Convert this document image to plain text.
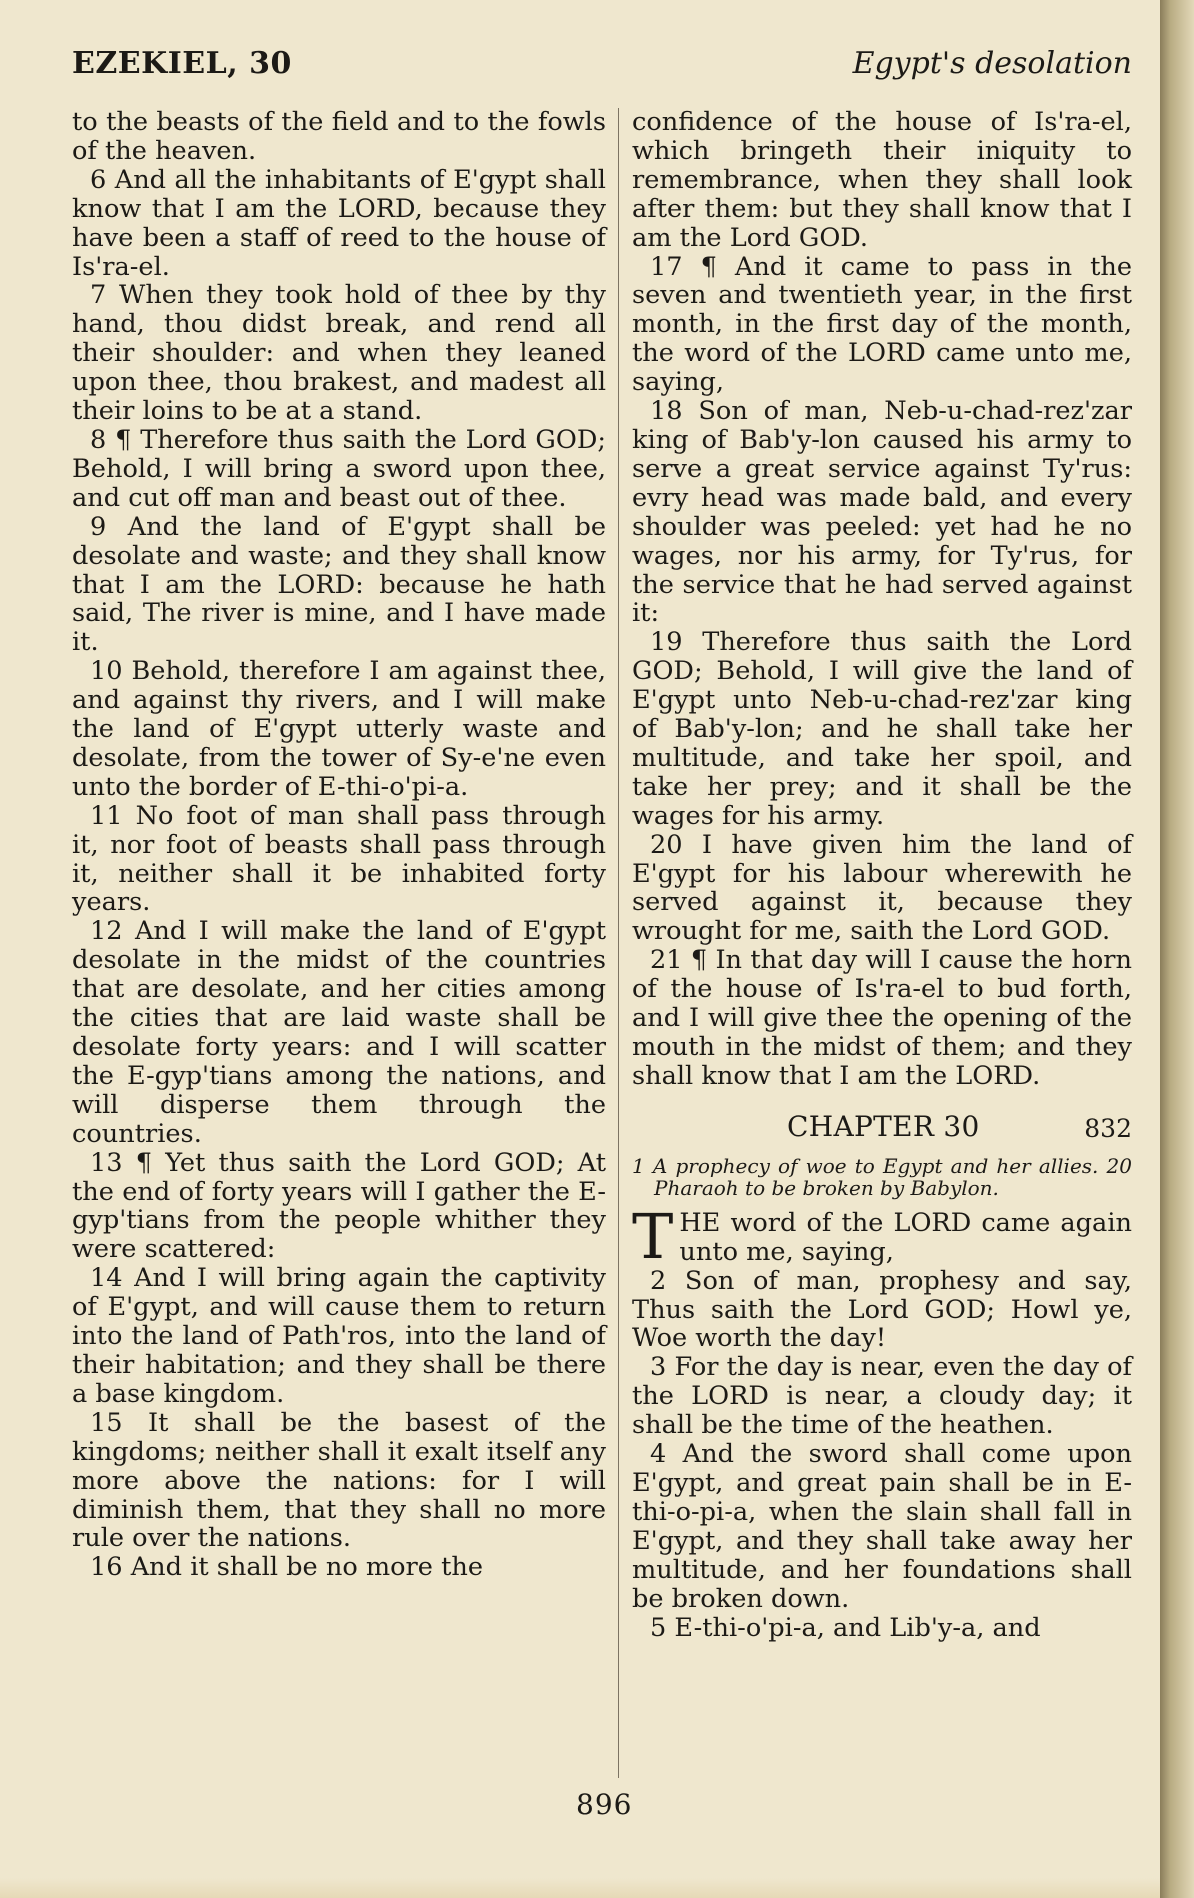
EZEKIEL, 30	Egypt's desolation

to the beasts of the field and to the fowls of the heaven.

6 And all the inhabitants of E'gypt shall know that I am the LORD, because they have been a staff of reed to the house of Is'ra-el.

7 When they took hold of thee by thy hand, thou didst break, and rend all their shoulder: and when they leaned upon thee, thou brakest, and madest all their loins to be at a stand.

8 ¶ Therefore thus saith the Lord GOD; Behold, I will bring a sword upon thee, and cut off man and beast out of thee.

9 And the land of E'gypt shall be desolate and waste; and they shall know that I am the LORD: because he hath said, The river is mine, and I have made it.

10 Behold, therefore I am against thee, and against thy rivers, and I will make the land of E'gypt utterly waste and desolate, from the tower of Sy-e'ne even unto the border of E-thi-o'pi-a.

11 No foot of man shall pass through it, nor foot of beasts shall pass through it, neither shall it be inhabited forty years.

12 And I will make the land of E'gypt desolate in the midst of the countries that are desolate, and her cities among the cities that are laid waste shall be desolate forty years: and I will scatter the E-gyp'tians among the nations, and will disperse them through the countries.

13 ¶ Yet thus saith the Lord GOD; At the end of forty years will I gather the E-gyp'tians from the people whither they were scattered:

14 And I will bring again the captivity of E'gypt, and will cause them to return into the land of Path'ros, into the land of their habitation; and they shall be there a base kingdom.

15 It shall be the basest of the kingdoms; neither shall it exalt itself any more above the nations: for I will diminish them, that they shall no more rule over the nations.

16 And it shall be no more the

confidence of the house of Is'ra-el, which bringeth their iniquity to remembrance, when they shall look after them: but they shall know that I am the Lord GOD.

17 ¶ And it came to pass in the seven and twentieth year, in the first month, in the first day of the month, the word of the LORD came unto me, saying,

18 Son of man, Neb-u-chad-rez'zar king of Bab'y-lon caused his army to serve a great service against Ty'rus: evry head was made bald, and every shoulder was peeled: yet had he no wages, nor his army, for Ty'rus, for the service that he had served against it:

19 Therefore thus saith the Lord GOD; Behold, I will give the land of E'gypt unto Neb-u-chad-rez'zar king of Bab'y-lon; and he shall take her multitude, and take her spoil, and take her prey; and it shall be the wages for his army.

20 I have given him the land of E'gypt for his labour wherewith he served against it, because they wrought for me, saith the Lord GOD.

21 ¶ In that day will I cause the horn of the house of Is'ra-el to bud forth, and I will give thee the opening of the mouth in the midst of them; and they shall know that I am the LORD.

CHAPTER 30	832

1 A prophecy of woe to Egypt and her allies. 20 Pharaoh to be broken by Babylon.

THE word of the LORD came again unto me, saying,

2 Son of man, prophesy and say, Thus saith the Lord GOD; Howl ye, Woe worth the day!

3 For the day is near, even the day of the LORD is near, a cloudy day; it shall be the time of the heathen.

4 And the sword shall come upon E'gypt, and great pain shall be in E-thi-o-pi-a, when the slain shall fall in E'gypt, and they shall take away her multitude, and her foundations shall be broken down.

5 E-thi-o'pi-a, and Lib'y-a, and

896
